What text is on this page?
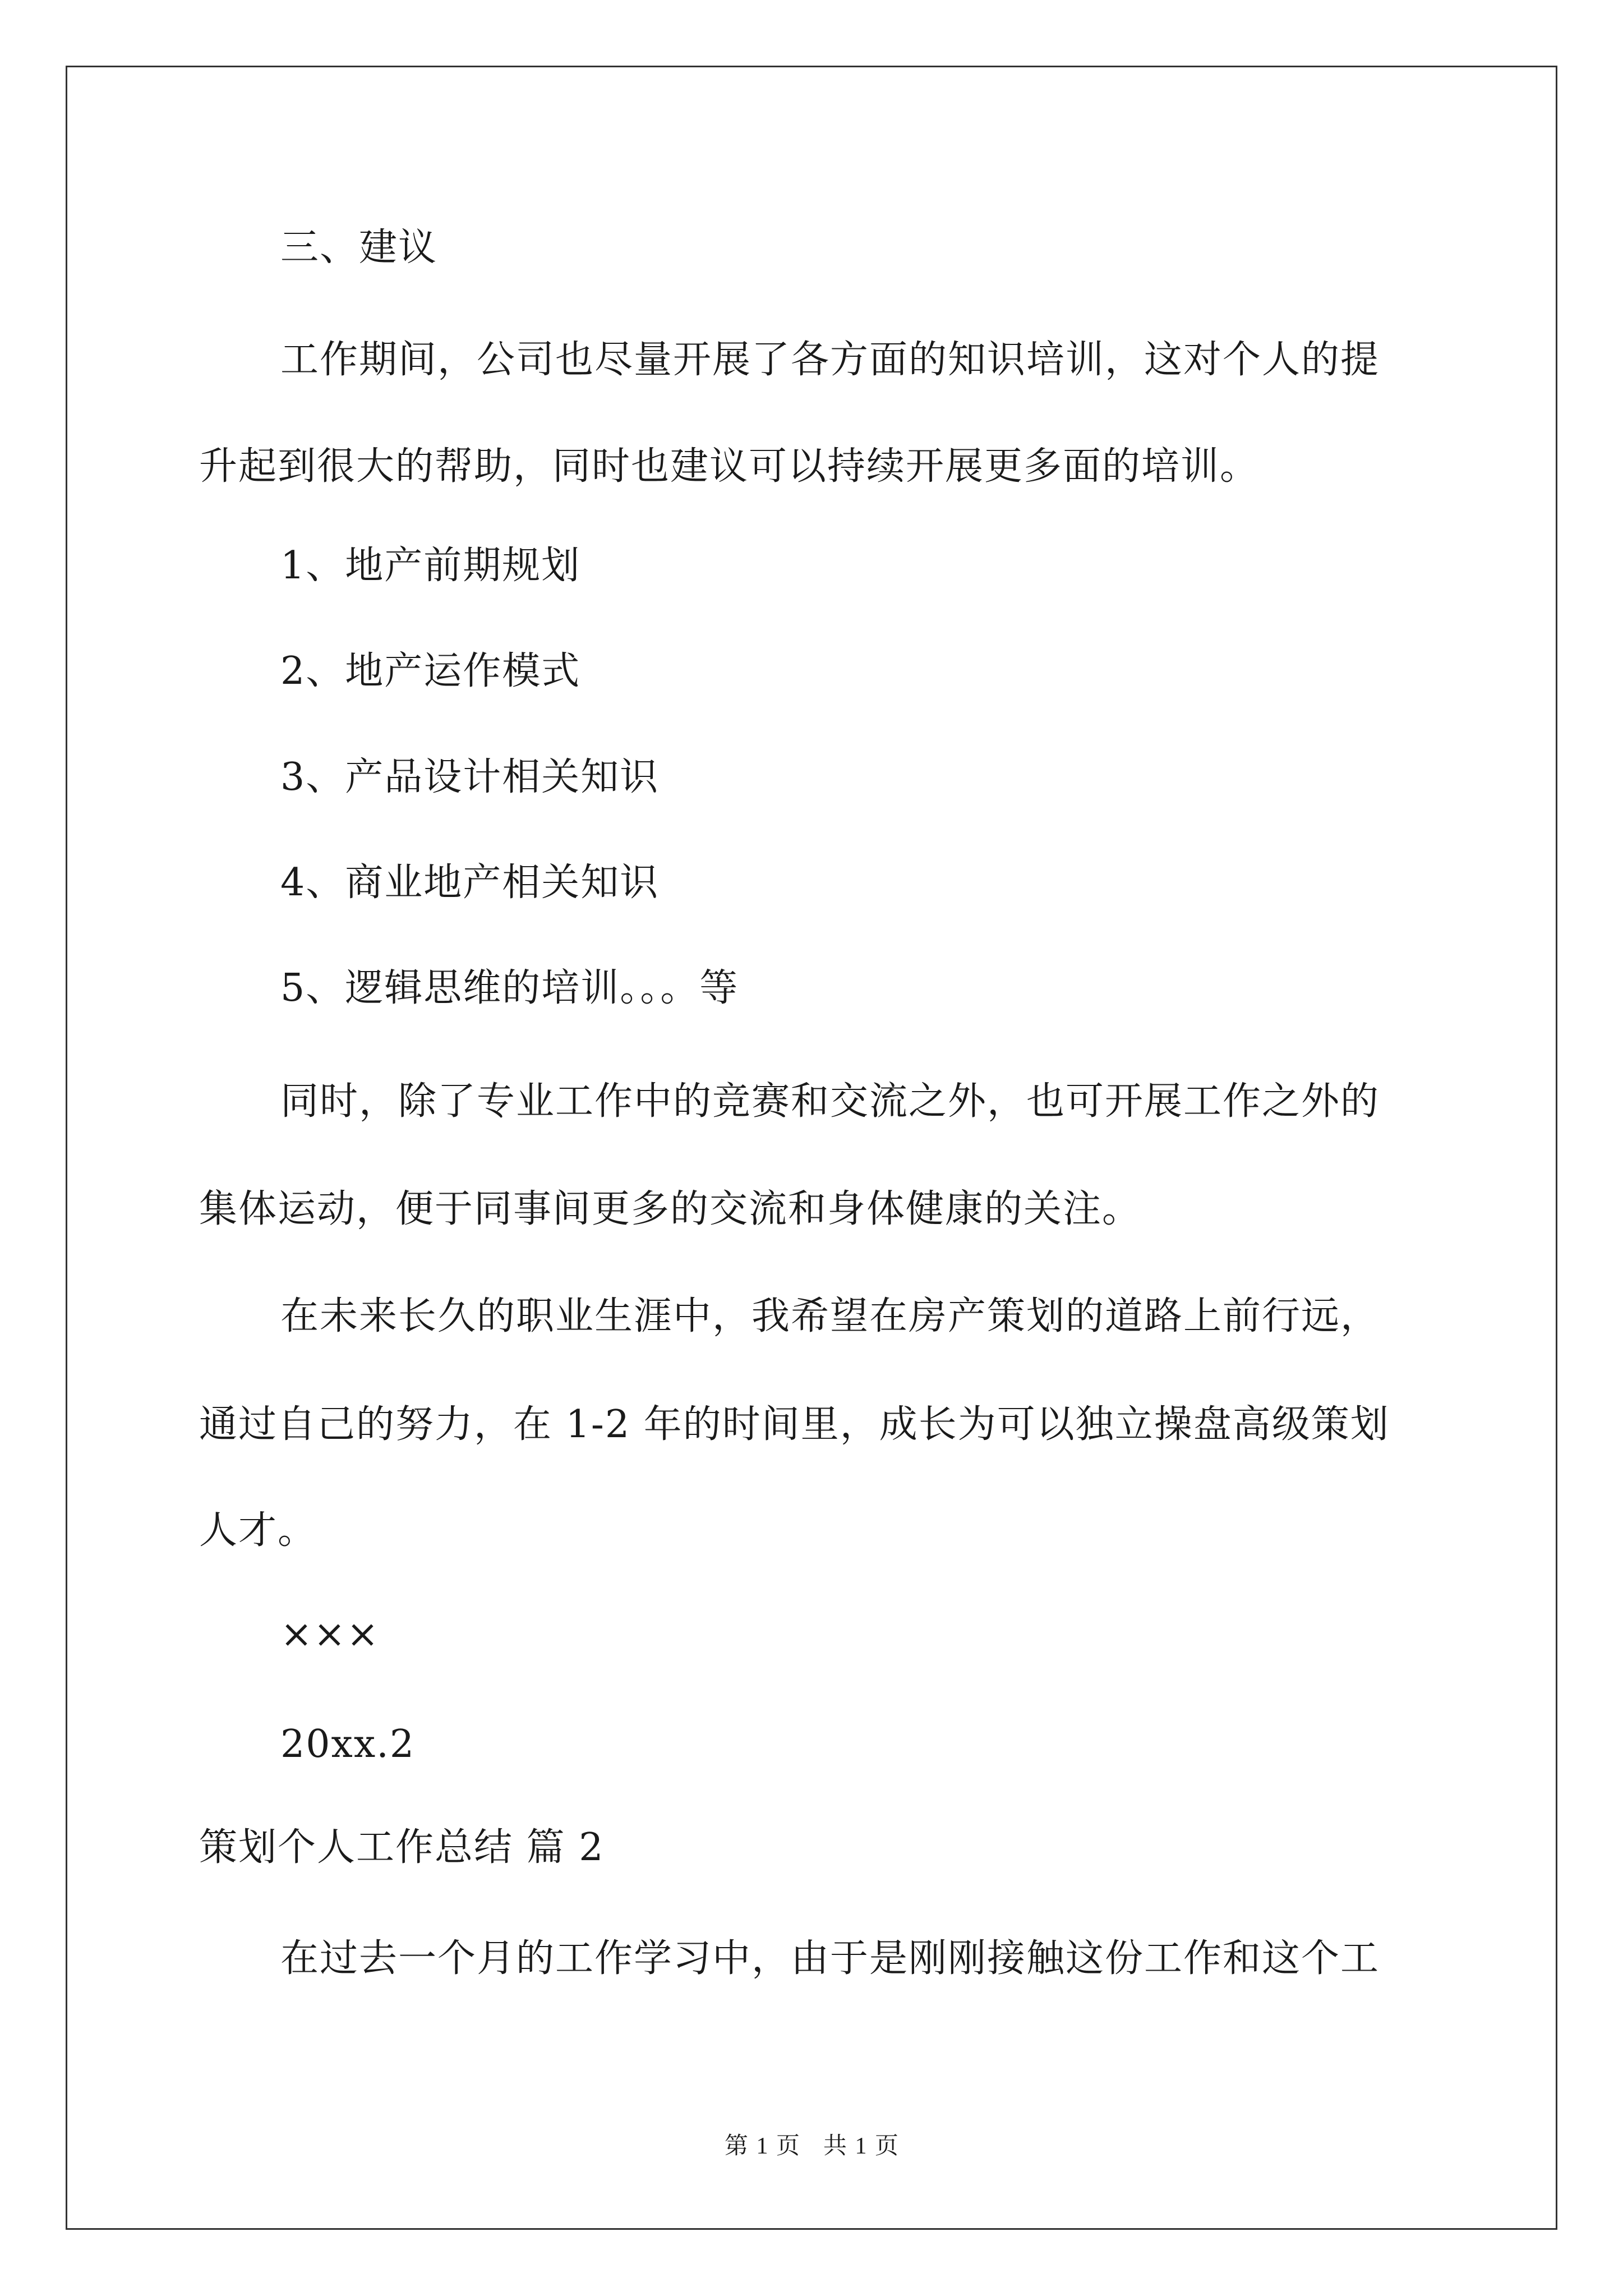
三、建议
工作期间，公司也尽量开展了各方面的知识培训，这对个人的提
升起到很大的帮助，同时也建议可以持续开展更多面的培训。
1、地产前期规划
2、地产运作模式
3、产品设计相关知识
4、商业地产相关知识
5、逻辑思维的培训。。。等
同时，除了专业工作中的竞赛和交流之外，也可开展工作之外的
集体运动，便于同事间更多的交流和身体健康的关注。
在未来长久的职业生涯中，我希望在房产策划的道路上前行远，
通过自己的努力，在 1-2 年的时间里，成长为可以独立操盘高级策划
人才。
×××
20xx.2
策划个人工作总结 篇 2
在过去一个月的工作学习中，由于是刚刚接触这份工作和这个工
第 1 页　共 1 页
